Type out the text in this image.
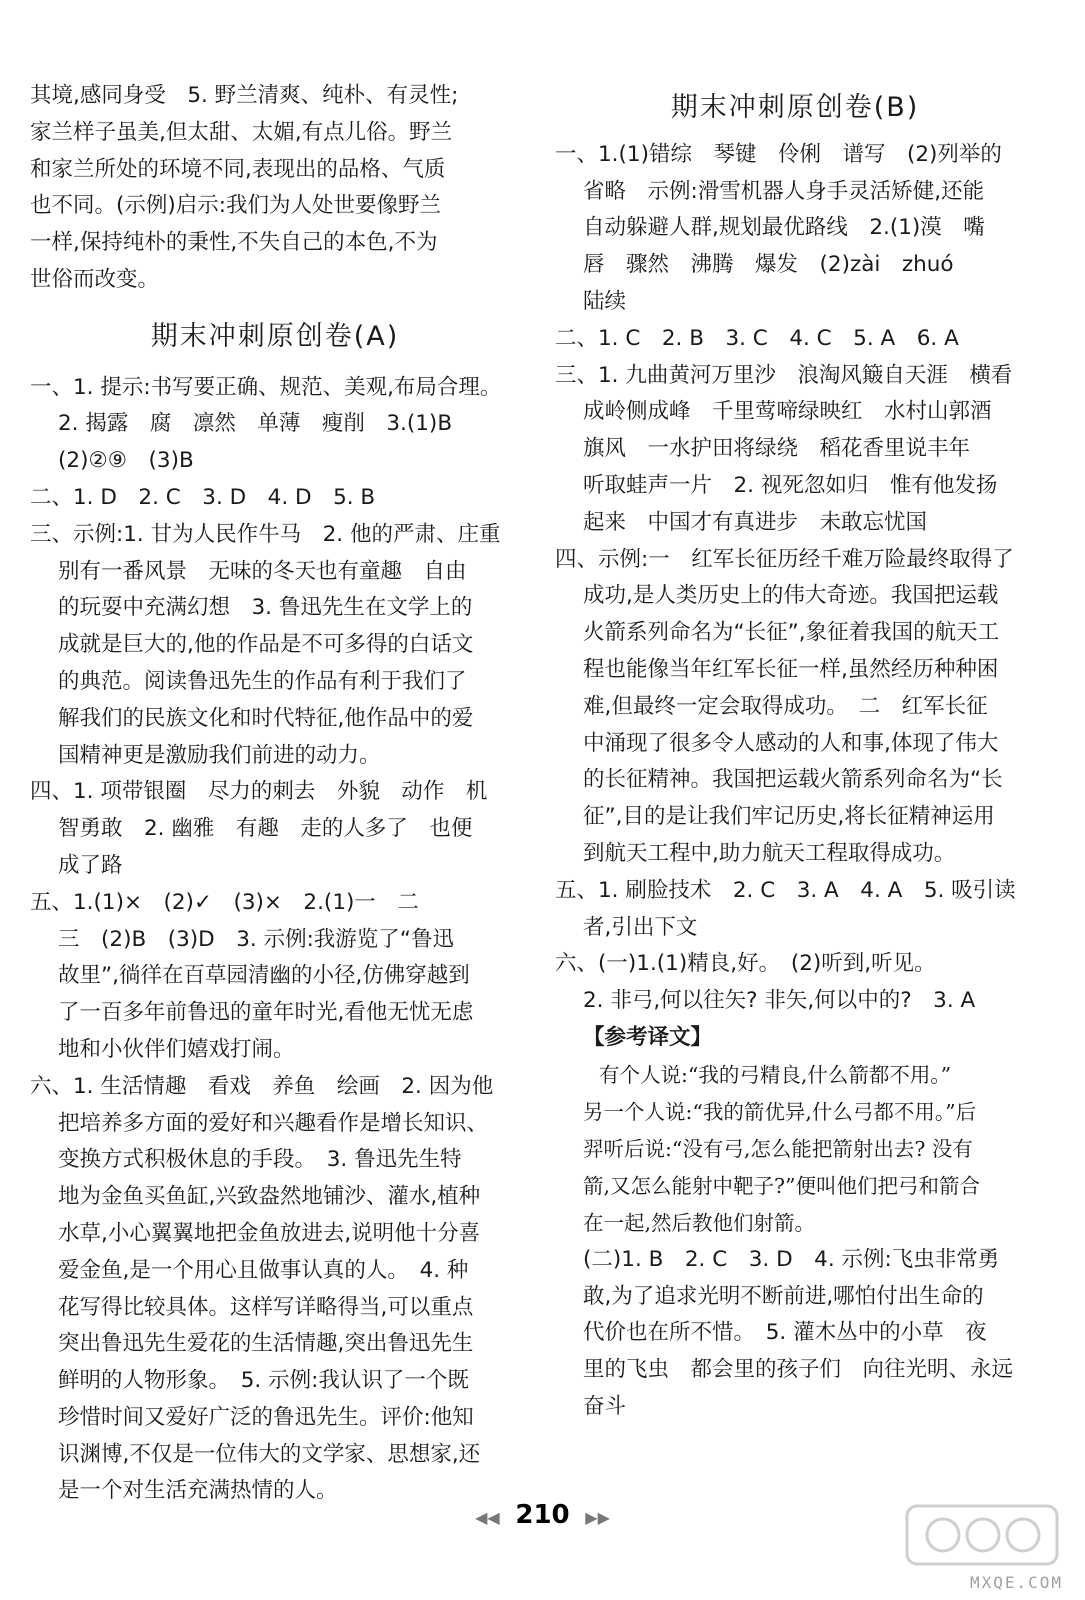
其境,感同身受　5. 野兰清爽、纯朴、有灵性;
家兰样子虽美,但太甜、太媚,有点儿俗。野兰
和家兰所处的环境不同,表现出的品格、气质
也不同。(示例)启示:我们为人处世要像野兰
一样,保持纯朴的秉性,不失自己的本色,不为
世俗而改变。
期末冲刺原创卷(A)
一、1. 提示:书写要正确、规范、美观,布局合理。
2. 揭露　腐　凛然　单薄　瘦削　3.(1)B
(2)②⑨　(3)B
二、1. D　2. C　3. D　4. D　5. B
三、示例:1. 甘为人民作牛马　2. 他的严肃、庄重
别有一番风景　无味的冬天也有童趣　自由
的玩耍中充满幻想　3. 鲁迅先生在文学上的
成就是巨大的,他的作品是不可多得的白话文
的典范。阅读鲁迅先生的作品有利于我们了
解我们的民族文化和时代特征,他作品中的爱
国精神更是激励我们前进的动力。
四、1. 项带银圈　尽力的刺去　外貌　动作　机
智勇敢　2. 幽雅　有趣　走的人多了　也便
成了路
五、1.(1)×　(2)✓　(3)×　2.(1)一　二
三　(2)B　(3)D　3. 示例:我游览了“鲁迅
故里”,徜徉在百草园清幽的小径,仿佛穿越到
了一百多年前鲁迅的童年时光,看他无忧无虑
地和小伙伴们嬉戏打闹。
六、1. 生活情趣　看戏　养鱼　绘画　2. 因为他
把培养多方面的爱好和兴趣看作是增长知识、
变换方式积极休息的手段。　3. 鲁迅先生特
地为金鱼买鱼缸,兴致盎然地铺沙、灌水,植种
水草,小心翼翼地把金鱼放进去,说明他十分喜
爱金鱼,是一个用心且做事认真的人。　4. 种
花写得比较具体。这样写详略得当,可以重点
突出鲁迅先生爱花的生活情趣,突出鲁迅先生
鲜明的人物形象。　5. 示例:我认识了一个既
珍惜时间又爱好广泛的鲁迅先生。评价:他知
识渊博,不仅是一位伟大的文学家、思想家,还
是一个对生活充满热情的人。
期末冲刺原创卷(B)
一、1.(1)错综　琴键　伶俐　谱写　(2)列举的
省略　示例:滑雪机器人身手灵活矫健,还能
自动躲避人群,规划最优路线　2.(1)漠　嘴
唇　骤然　沸腾　爆发　(2)zài　zhuó
陆续
二、1. C　2. B　3. C　4. C　5. A　6. A
三、1. 九曲黄河万里沙　浪淘风簸自天涯　横看
成岭侧成峰　千里莺啼绿映红　水村山郭酒
旗风　一水护田将绿绕　稻花香里说丰年
听取蛙声一片　2. 视死忽如归　惟有他发扬
起来　中国才有真进步　未敢忘忧国
四、示例:一　红军长征历经千难万险最终取得了
成功,是人类历史上的伟大奇迹。我国把运载
火箭系列命名为“长征”,象征着我国的航天工
程也能像当年红军长征一样,虽然经历种种困
难,但最终一定会取得成功。　二　红军长征
中涌现了很多令人感动的人和事,体现了伟大
的长征精神。我国把运载火箭系列命名为“长
征”,目的是让我们牢记历史,将长征精神运用
到航天工程中,助力航天工程取得成功。
五、1. 刷脸技术　2. C　3. A　4. A　5. 吸引读
者,引出下文
六、(一)1.(1)精良,好。　(2)听到,听见。
2. 非弓,何以往矢? 非矢,何以中的?　3. A
【参考译文】
有个人说:“我的弓精良,什么箭都不用。”
另一个人说:“我的箭优异,什么弓都不用。”后
羿听后说:“没有弓,怎么能把箭射出去? 没有
箭,又怎么能射中靶子?”便叫他们把弓和箭合
在一起,然后教他们射箭。
(二)1. B　2. C　3. D　4. 示例:飞虫非常勇
敢,为了追求光明不断前进,哪怕付出生命的
代价也在所不惜。　5. 灌木丛中的小草　夜
里的飞虫　都会里的孩子们　向往光明、永远
奋斗
◀◀ 210 ▶▶
MXQE.COM
